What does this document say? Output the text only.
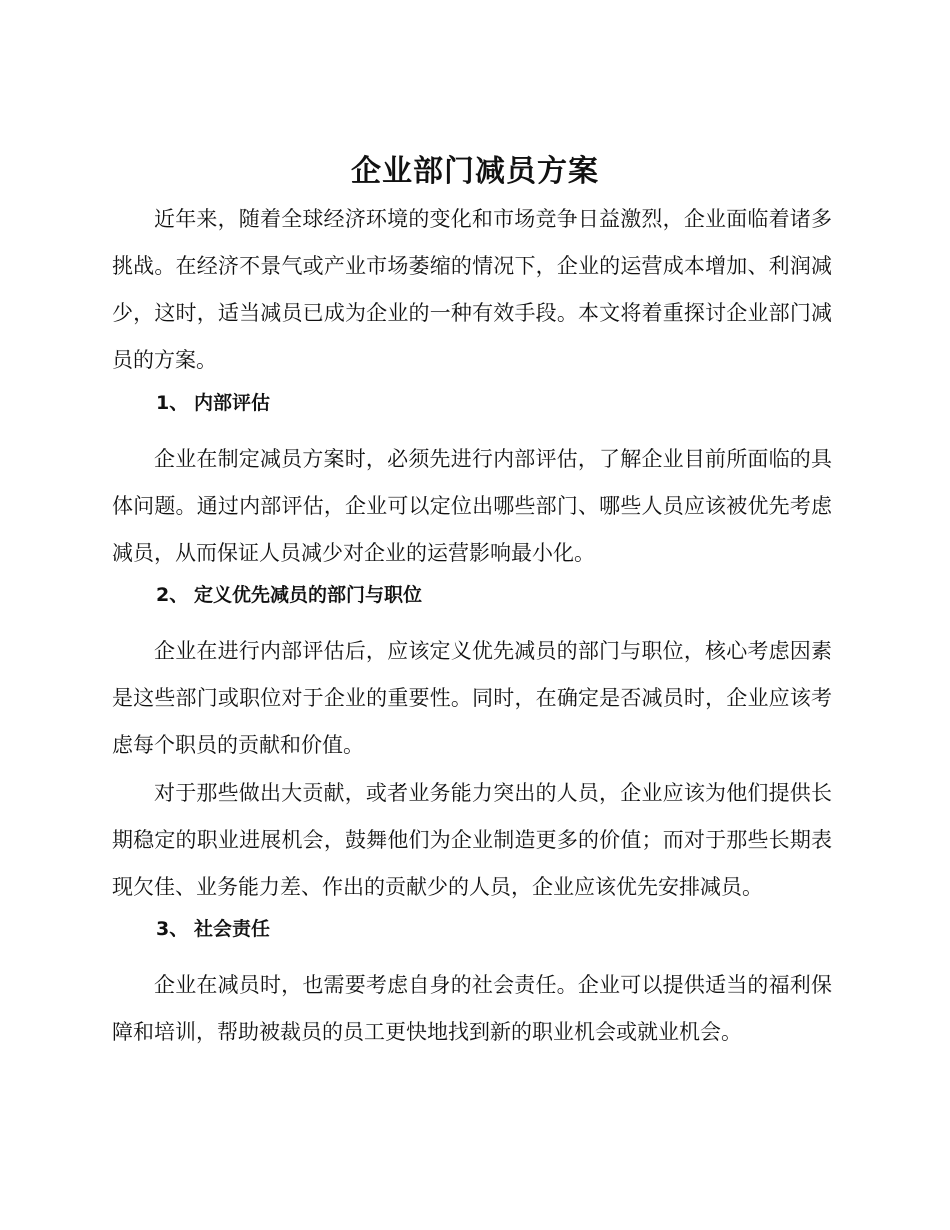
企业部门减员方案

近年来，随着全球经济环境的变化和市场竞争日益激烈，企业面临着诸多挑战。在经济不景气或产业市场萎缩的情况下，企业的运营成本增加、利润减少，这时，适当减员已成为企业的一种有效手段。本文将着重探讨企业部门减员的方案。

1、 内部评估

企业在制定减员方案时，必须先进行内部评估，了解企业目前所面临的具体问题。通过内部评估，企业可以定位出哪些部门、哪些人员应该被优先考虑减员，从而保证人员减少对企业的运营影响最小化。

2、 定义优先减员的部门与职位

企业在进行内部评估后，应该定义优先减员的部门与职位，核心考虑因素是这些部门或职位对于企业的重要性。同时，在确定是否减员时，企业应该考虑每个职员的贡献和价值。

对于那些做出大贡献，或者业务能力突出的人员，企业应该为他们提供长期稳定的职业进展机会，鼓舞他们为企业制造更多的价值；而对于那些长期表现欠佳、业务能力差、作出的贡献少的人员，企业应该优先安排减员。

3、 社会责任

企业在减员时，也需要考虑自身的社会责任。企业可以提供适当的福利保障和培训，帮助被裁员的员工更快地找到新的职业机会或就业机会。
